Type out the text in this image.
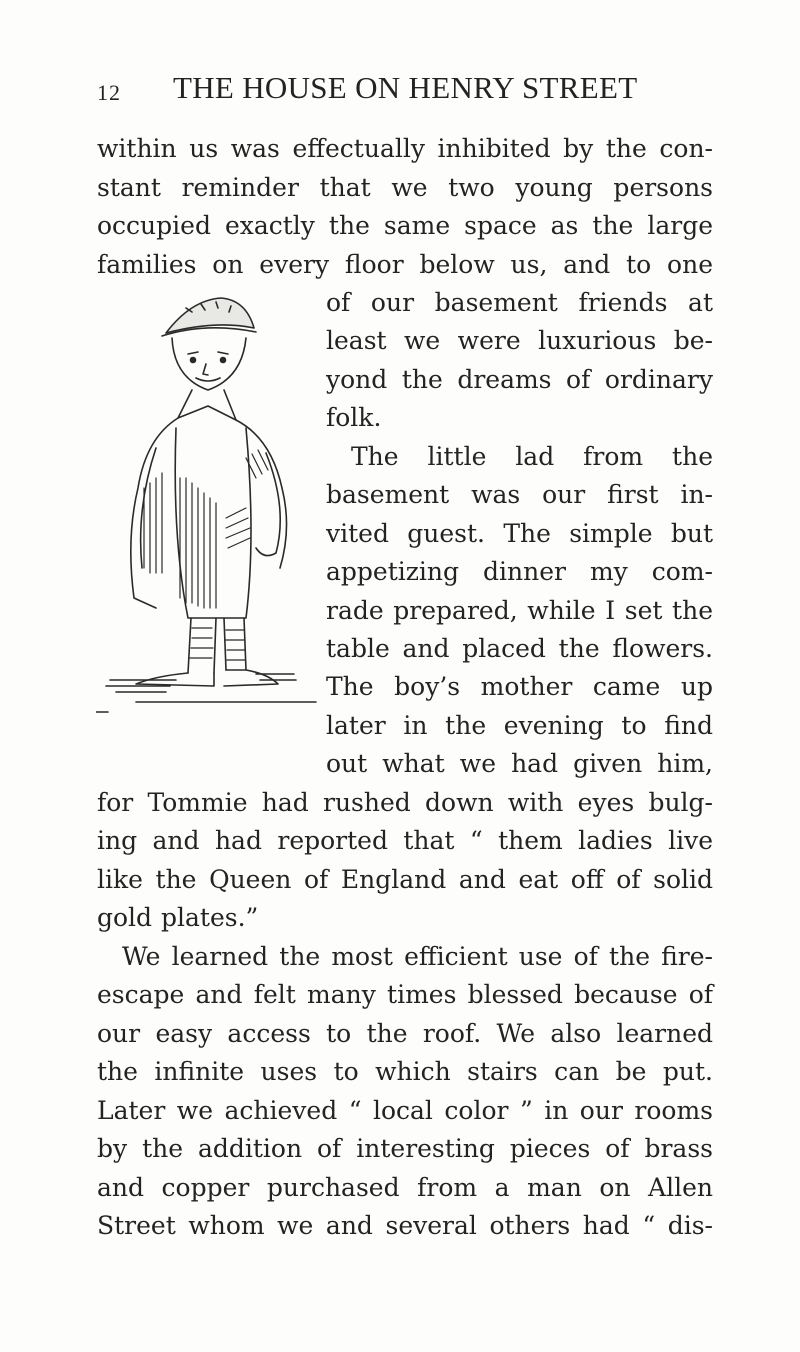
12 THE HOUSE ON HENRY STREET
within us was effectually inhibited by the con-
stant reminder that we two young persons
occupied exactly the same space as the large
families on every floor below us, and to one
of our basement friends at
least we were luxurious be-
yond the dreams of ordinary
folk.
The little lad from the
basement was our first in-
vited guest. The simple but
appetizing dinner my com-
rade prepared, while I set the
table and placed the flowers.
The boy’s mother came up
later in the evening to find
out what we had given him,
for Tommie had rushed down with eyes bulg-
ing and had reported that “ them ladies live
like the Queen of England and eat off of solid
gold plates.”
We learned the most efficient use of the fire-
escape and felt many times blessed because of
our easy access to the roof. We also learned
the infinite uses to which stairs can be put.
Later we achieved “ local color ” in our rooms
by the addition of interesting pieces of brass
and copper purchased from a man on Allen
Street whom we and several others had “ dis-
